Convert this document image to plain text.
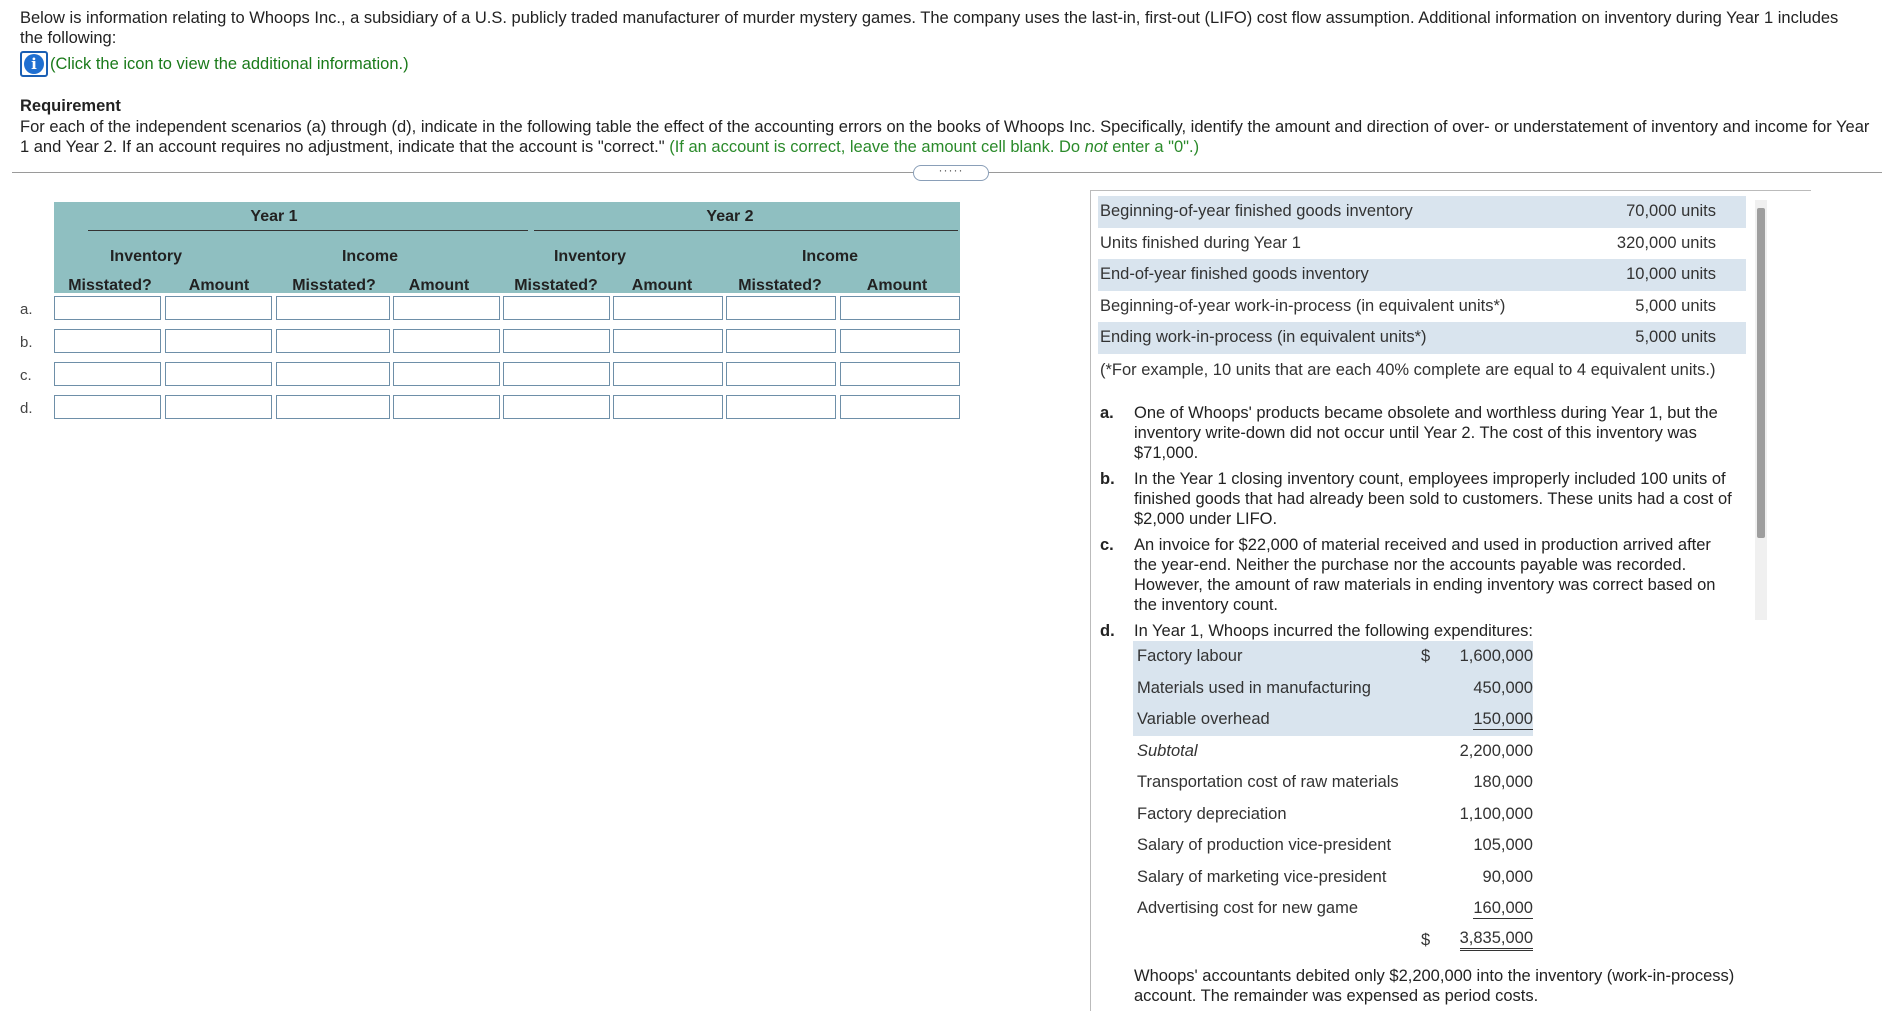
Below is information relating to Whoops Inc., a subsidiary of a U.S. publicly traded manufacturer of murder mystery games. The company uses the last-in, first-out (LIFO) cost flow assumption. Additional information on inventory during Year 1 includes the following:
i (Click the icon to view the additional information.)
Requirement
For each of the independent scenarios (a) through (d), indicate in the following table the effect of the accounting errors on the books of Whoops Inc. Specifically, identify the amount and direction of over- or understatement of inventory and income for Year 1 and Year 2. If an account requires no adjustment, indicate that the account is "correct." (If an account is correct, leave the amount cell blank. Do not enter a "0".)
·····
Year 1	Year 2
Inventory	Income	Inventory	Income
Misstated?	Amount	Misstated?	Amount	Misstated?	Amount	Misstated?	Amount
a.
b.
c.
d.
Beginning-of-year finished goods inventory	70,000 units
Units finished during Year 1	320,000 units
End-of-year finished goods inventory	10,000 units
Beginning-of-year work-in-process (in equivalent units*)	5,000 units
Ending work-in-process (in equivalent units*)	5,000 units
(*For example, 10 units that are each 40% complete are equal to 4 equivalent units.)
a. One of Whoops' products became obsolete and worthless during Year 1, but the inventory write-down did not occur until Year 2. The cost of this inventory was $71,000.
b. In the Year 1 closing inventory count, employees improperly included 100 units of finished goods that had already been sold to customers. These units had a cost of $2,000 under LIFO.
c. An invoice for $22,000 of material received and used in production arrived after the year-end. Neither the purchase nor the accounts payable was recorded. However, the amount of raw materials in ending inventory was correct based on the inventory count.
d. In Year 1, Whoops incurred the following expenditures:
Factory labour	$ 1,600,000
Materials used in manufacturing	450,000
Variable overhead	150,000
Subtotal	2,200,000
Transportation cost of raw materials	180,000
Factory depreciation	1,100,000
Salary of production vice-president	105,000
Salary of marketing vice-president	90,000
Advertising cost for new game	160,000
$ 3,835,000
Whoops' accountants debited only $2,200,000 into the inventory (work-in-process) account. The remainder was expensed as period costs.
